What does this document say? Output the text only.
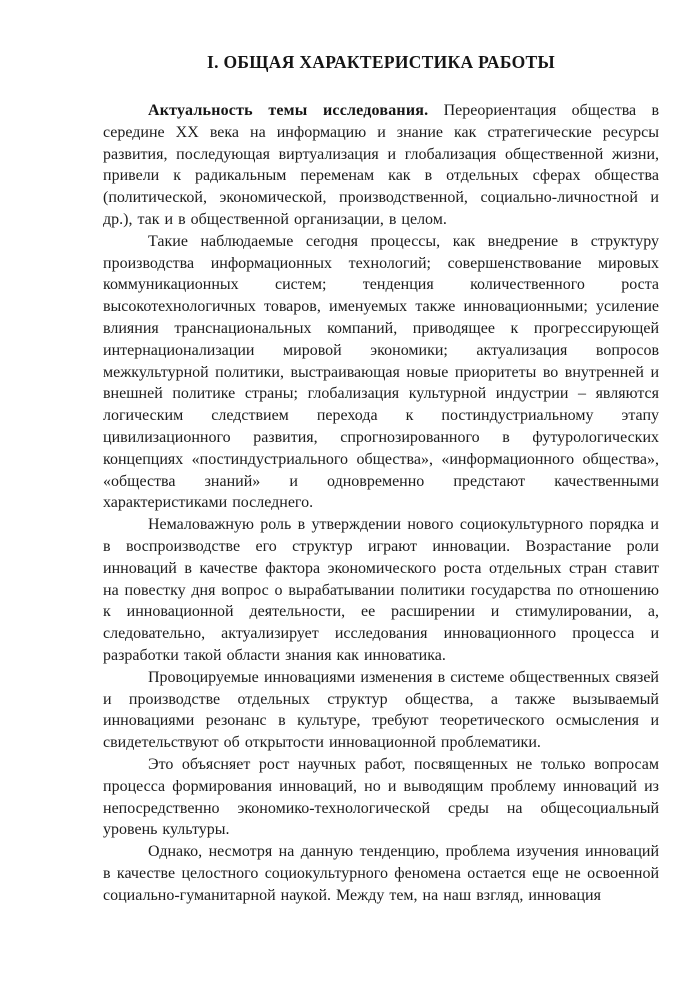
I. ОБЩАЯ ХАРАКТЕРИСТИКА РАБОТЫ

Актуальность темы исследования. Переориентация общества в середине XX века на информацию и знание как стратегические ресурсы развития, последующая виртуализация и глобализация общественной жизни, привели к радикальным переменам как в отдельных сферах общества (политической, экономической, производственной, социально-личностной и др.), так и в общественной организации, в целом.

Такие наблюдаемые сегодня процессы, как внедрение в структуру производства информационных технологий; совершенствование мировых коммуникационных систем; тенденция количественного роста высокотехнологичных товаров, именуемых также инновационными; усиление влияния транснациональных компаний, приводящее к прогрессирующей интернационализации мировой экономики; актуализация вопросов межкультурной политики, выстраивающая новые приоритеты во внутренней и внешней политике страны; глобализация культурной индустрии – являются логическим следствием перехода к постиндустриальному этапу цивилизационного развития, спрогнозированного в футурологических концепциях «постиндустриального общества», «информационного общества», «общества знаний» и одновременно предстают качественными характеристиками последнего.

Немаловажную роль в утверждении нового социокультурного порядка и в воспроизводстве его структур играют инновации. Возрастание роли инноваций в качестве фактора экономического роста отдельных стран ставит на повестку дня вопрос о вырабатывании политики государства по отношению к инновационной деятельности, ее расширении и стимулировании, а, следовательно, актуализирует исследования инновационного процесса и разработки такой области знания как инноватика.

Провоцируемые инновациями изменения в системе общественных связей и производстве отдельных структур общества, а также вызываемый инновациями резонанс в культуре, требуют теоретического осмысления и свидетельствуют об открытости инновационной проблематики.

Это объясняет рост научных работ, посвященных не только вопросам процесса формирования инноваций, но и выводящим проблему инноваций из непосредственно экономико-технологической среды на общесоциальный уровень культуры.

Однако, несмотря на данную тенденцию, проблема изучения инноваций в качестве целостного социокультурного феномена остается еще не освоенной социально-гуманитарной наукой. Между тем, на наш взгляд, инновация
